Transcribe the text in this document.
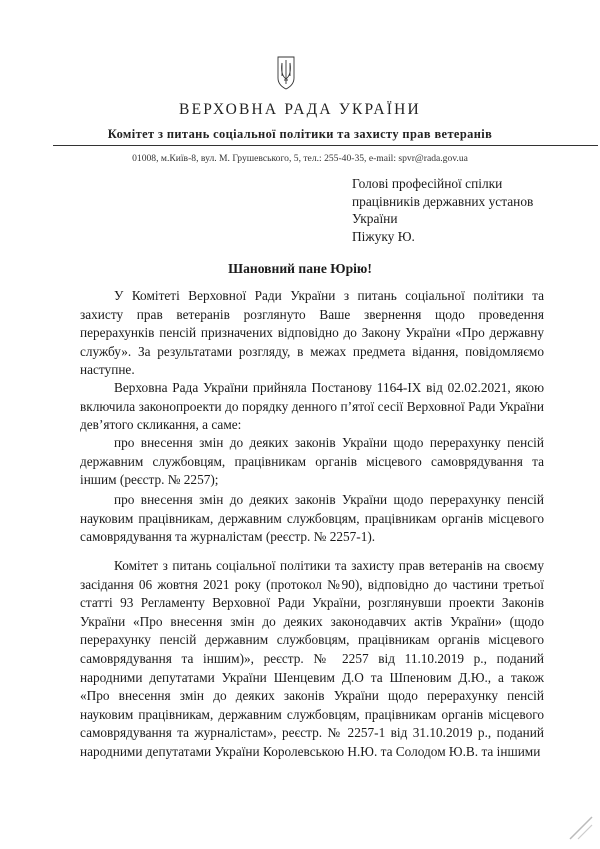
ВЕРХОВНА РАДА УКРАЇНИ
Комітет з питань соціальної політики та захисту прав ветеранів
01008, м.Київ-8, вул. М. Грушевського, 5, тел.: 255-40-35, e-mail: spvr@rada.gov.ua
Голові професійної спілки
працівників державних установ
України
Піжуку Ю.
Шановний пане Юрію!

У Комітеті Верховної Ради України з питань соціальної політики та захисту прав ветеранів розглянуто Ваше звернення щодо проведення перерахунків пенсій призначених відповідно до Закону України «Про державну службу». За результатами розгляду, в межах предмета відання, повідомляємо наступне.

Верховна Рада України прийняла Постанову 1164-IX від 02.02.2021, якою включила законопроекти до порядку денного п’ятої сесії Верховної Ради України дев’ятого скликання, а саме:

про внесення змін до деяких законів України щодо перерахунку пенсій державним службовцям, працівникам органів місцевого самоврядування та іншим (реєстр. № 2257);

про внесення змін до деяких законів України щодо перерахунку пенсій науковим працівникам, державним службовцям, працівникам органів місцевого самоврядування та журналістам (реєстр. № 2257-1).

Комітет з питань соціальної політики та захисту прав ветеранів на своєму засідання 06 жовтня 2021 року (протокол №90), відповідно до частини третьої статті 93 Регламенту Верховної Ради України, розглянувши проекти Законів України «Про внесення змін до деяких законодавчих актів України» (щодо перерахунку пенсій державним службовцям, працівникам органів місцевого самоврядування та іншим)», реєстр. № 2257 від 11.10.2019 р., поданий народними депутатами України Шенцевим Д.О та Шпеновим Д.Ю., а також «Про внесення змін до деяких законів України щодо перерахунку пенсій науковим працівникам, державним службовцям, працівникам органів місцевого самоврядування та журналістам», реєстр. № 2257-1 від 31.10.2019 р., поданий народними депутатами України Королевською Н.Ю. та Солодом Ю.В. та іншими
